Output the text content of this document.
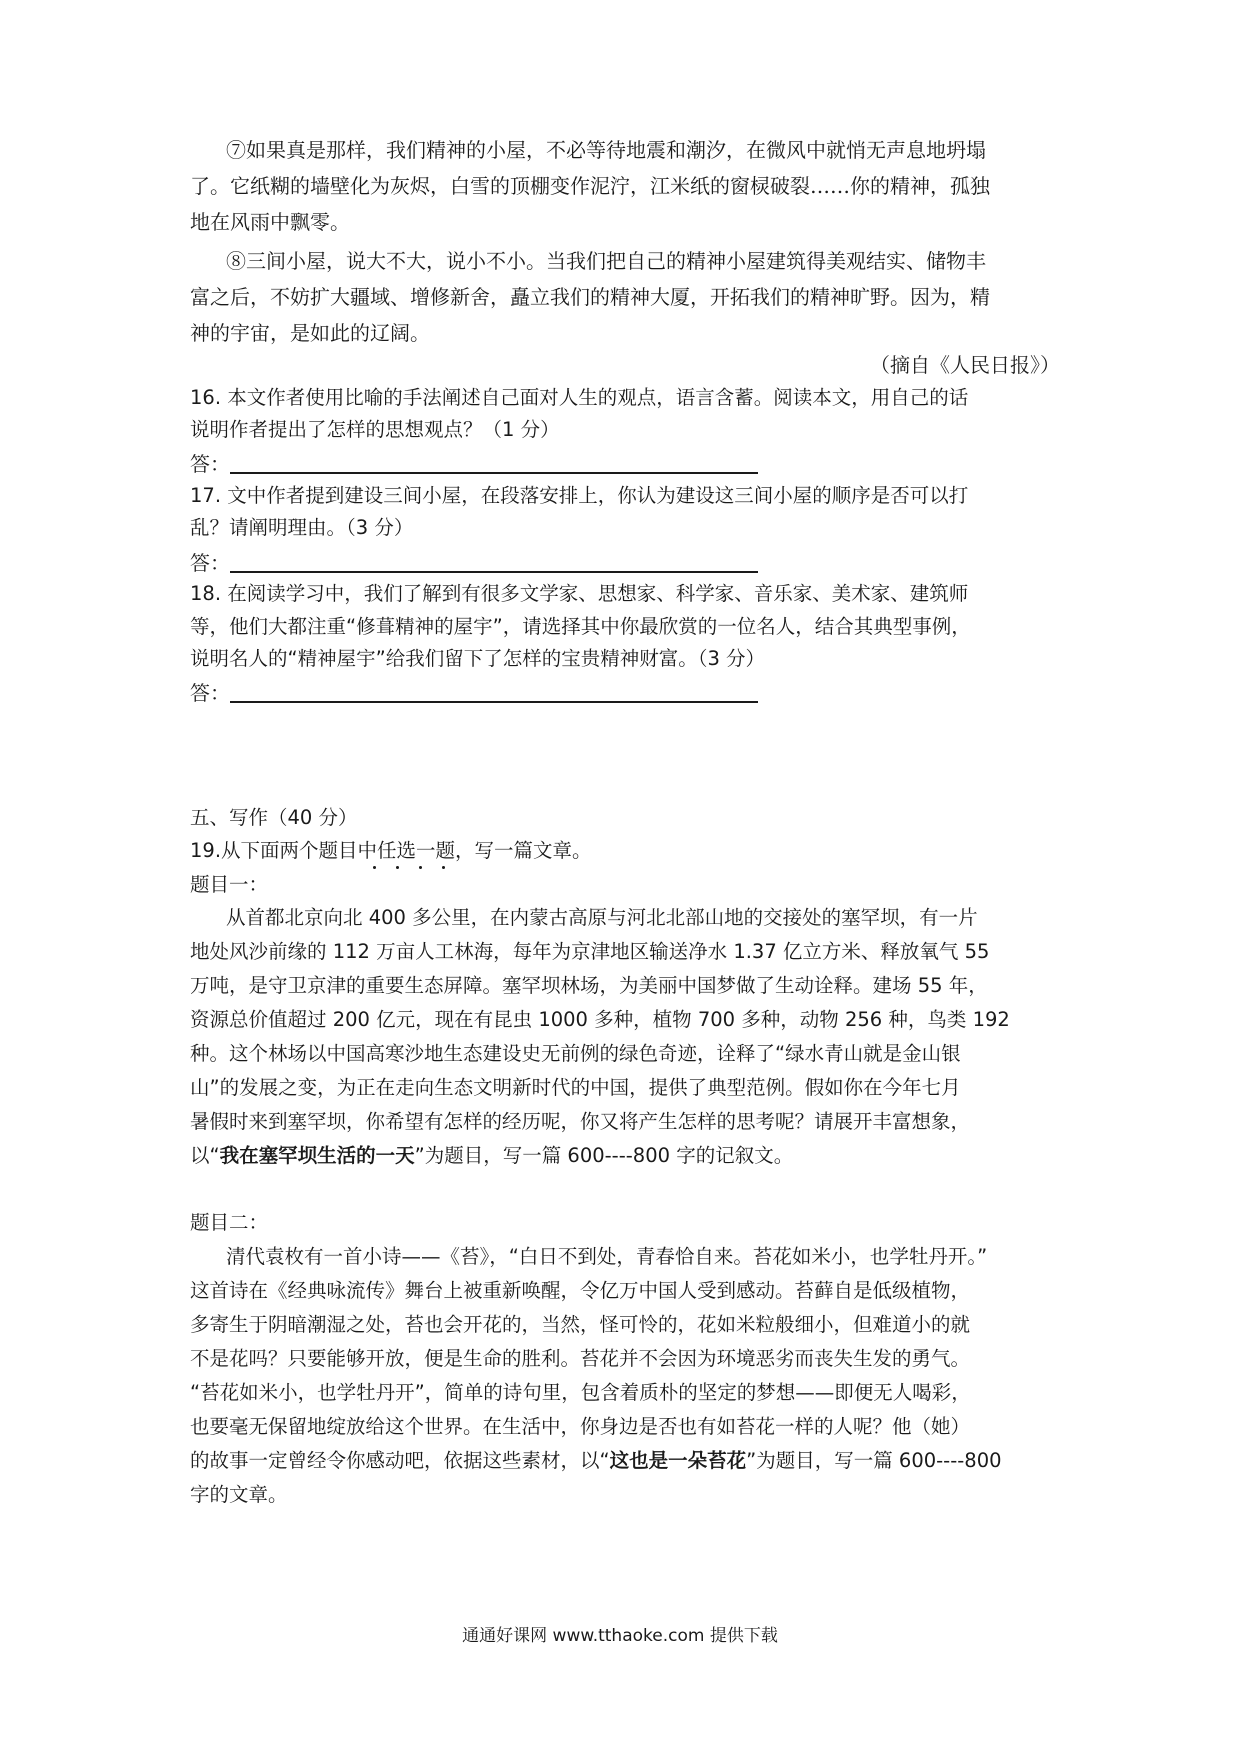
⑦如果真是那样，我们精神的小屋，不必等待地震和潮汐，在微风中就悄无声息地坍塌
了。它纸糊的墙壁化为灰烬，白雪的顶棚变作泥泞，江米纸的窗棂破裂……你的精神，孤独
地在风雨中飘零。
⑧三间小屋，说大不大，说小不小。当我们把自己的精神小屋建筑得美观结实、储物丰
富之后，不妨扩大疆域、增修新舍，矗立我们的精神大厦，开拓我们的精神旷野。因为，精
神的宇宙，是如此的辽阔。
（摘自《人民日报》）
16. 本文作者使用比喻的手法阐述自己面对人生的观点，语言含蓄。阅读本文，用自己的话
说明作者提出了怎样的思想观点？（1 分）
答：
17. 文中作者提到建设三间小屋，在段落安排上，你认为建设这三间小屋的顺序是否可以打
乱？请阐明理由。（3 分）
答：
18. 在阅读学习中，我们了解到有很多文学家、思想家、科学家、音乐家、美术家、建筑师
等，他们大都注重“修葺精神的屋宇”，请选择其中你最欣赏的一位名人，结合其典型事例，
说明名人的“精神屋宇”给我们留下了怎样的宝贵精神财富。（3 分）
答：
五、写作（40 分）
19.从下面两个题目中任选一题，写一篇文章。
题目一：
从首都北京向北 400 多公里，在内蒙古高原与河北北部山地的交接处的塞罕坝，有一片
地处风沙前缘的 112 万亩人工林海，每年为京津地区输送净水 1.37 亿立方米、释放氧气 55
万吨，是守卫京津的重要生态屏障。塞罕坝林场，为美丽中国梦做了生动诠释。建场 55 年，
资源总价值超过 200 亿元，现在有昆虫 1000 多种，植物 700 多种，动物 256 种，鸟类 192
种。这个林场以中国高寒沙地生态建设史无前例的绿色奇迹，诠释了“绿水青山就是金山银
山”的发展之变，为正在走向生态文明新时代的中国，提供了典型范例。假如你在今年七月
暑假时来到塞罕坝，你希望有怎样的经历呢，你又将产生怎样的思考呢？请展开丰富想象，
以“我在塞罕坝生活的一天”为题目，写一篇 600----800 字的记叙文。
题目二：
清代袁枚有一首小诗——《苔》，“白日不到处，青春恰自来。苔花如米小，也学牡丹开。”
这首诗在《经典咏流传》舞台上被重新唤醒，令亿万中国人受到感动。苔藓自是低级植物，
多寄生于阴暗潮湿之处，苔也会开花的，当然，怪可怜的，花如米粒般细小，但难道小的就
不是花吗？只要能够开放，便是生命的胜利。苔花并不会因为环境恶劣而丧失生发的勇气。
“苔花如米小，也学牡丹开”，简单的诗句里，包含着质朴的坚定的梦想——即便无人喝彩，
也要毫无保留地绽放给这个世界。在生活中，你身边是否也有如苔花一样的人呢？他（她）
的故事一定曾经令你感动吧，依据这些素材，以“这也是一朵苔花”为题目，写一篇 600----800
字的文章。
通通好课网 www.tthaoke.com 提供下载
